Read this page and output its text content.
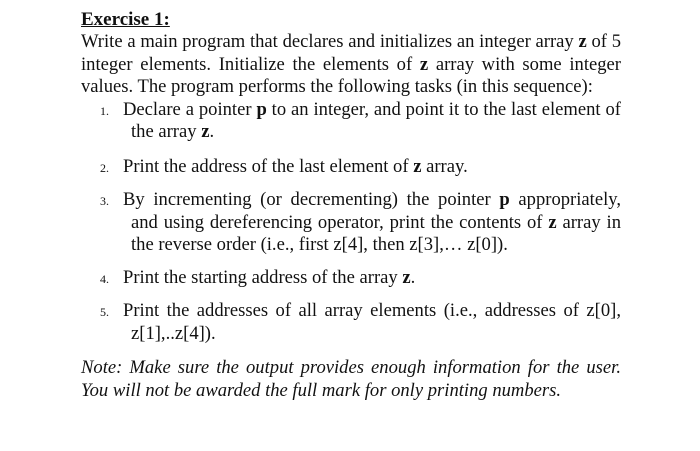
Exercise 1:

Write a main program that declares and initializes an integer array z of 5 integer elements. Initialize the elements of z array with some integer values. The program performs the following tasks (in this sequence):

1. Declare a pointer p to an integer, and point it to the last element of the array z.
2. Print the address of the last element of z array.
3. By incrementing (or decrementing) the pointer p appropriately, and using dereferencing operator, print the contents of z array in the reverse order (i.e., first z[4], then z[3],… z[0]).
4. Print the starting address of the array z.
5. Print the addresses of all array elements (i.e., addresses of z[0], z[1],..z[4]).

Note: Make sure the output provides enough information for the user. You will not be awarded the full mark for only printing numbers.
